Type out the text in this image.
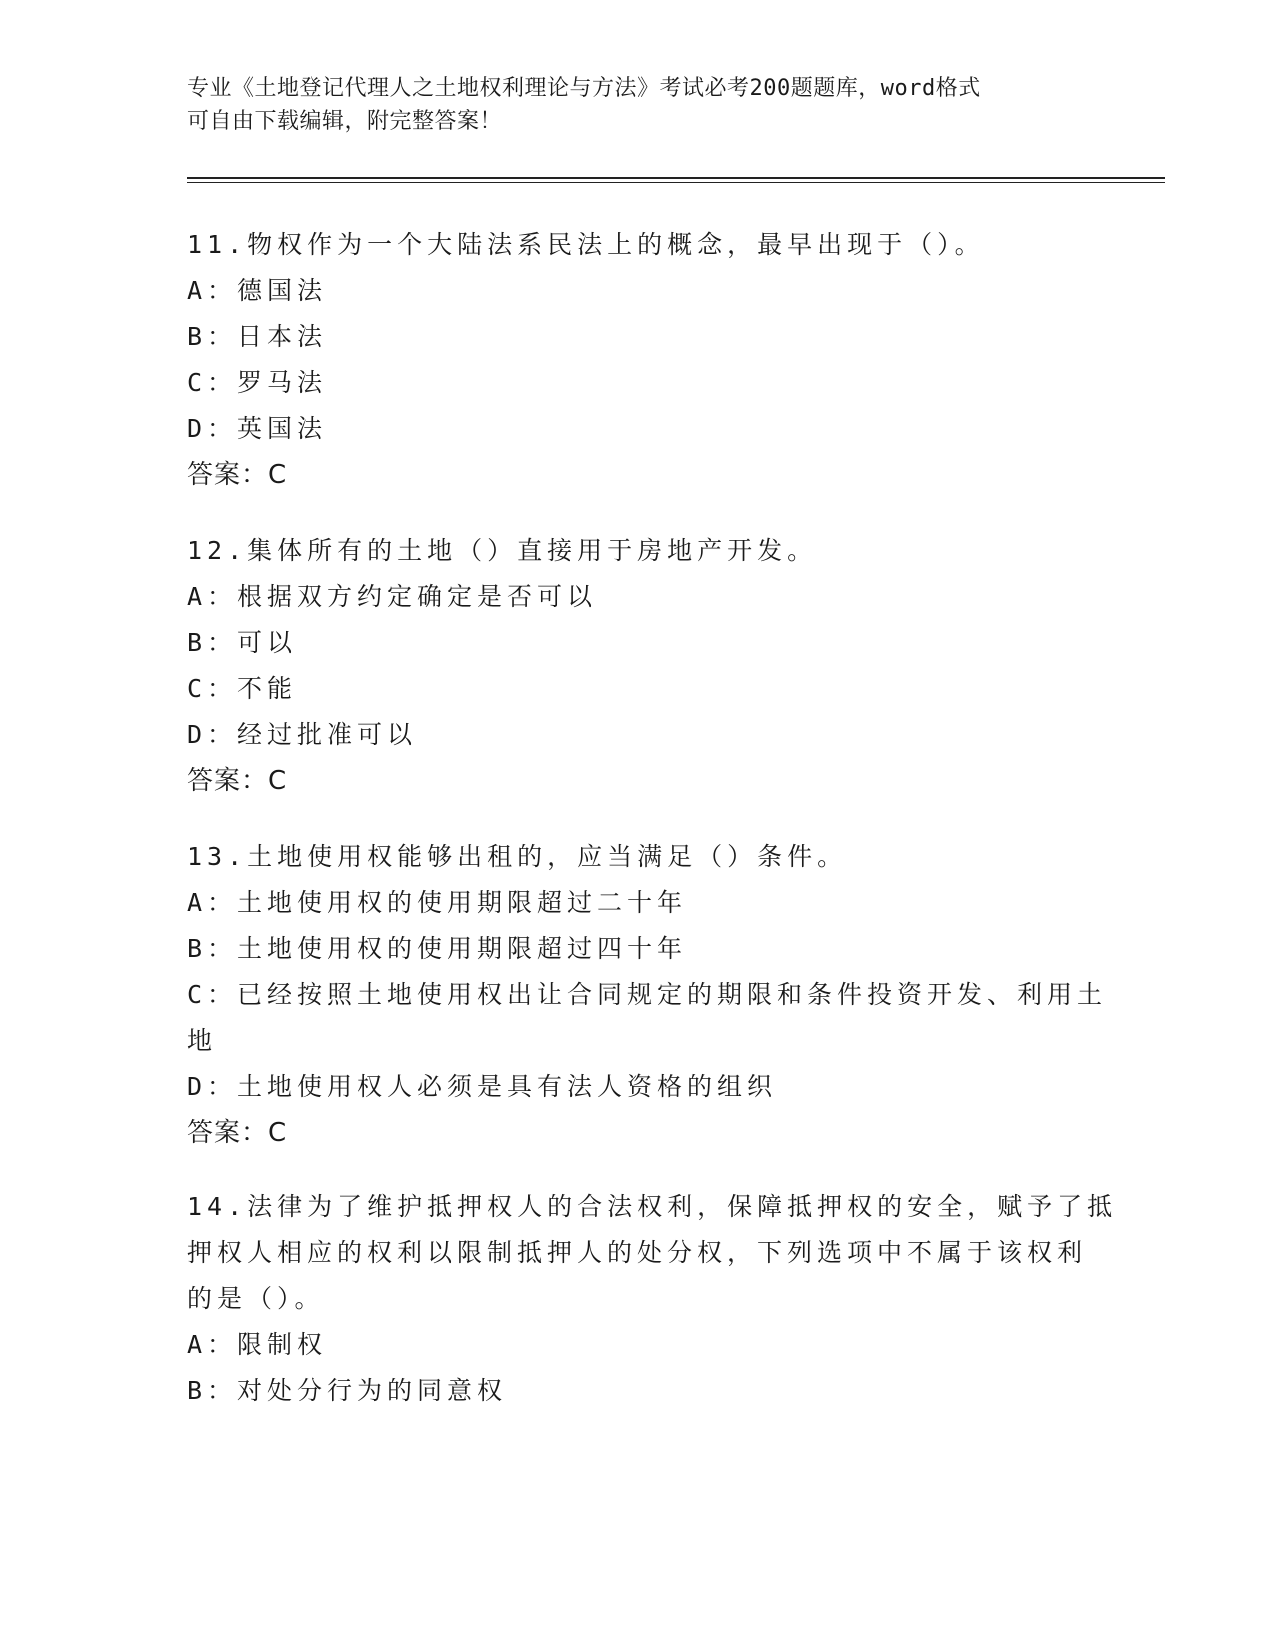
专业《土地登记代理人之土地权利理论与方法》考试必考200题题库，word格式
可自由下载编辑，附完整答案！
11.物权作为一个大陆法系民法上的概念，最早出现于（）。
A：德国法
B：日本法
C：罗马法
D：英国法
答案：C
12.集体所有的土地（）直接用于房地产开发。
A：根据双方约定确定是否可以
B：可以
C：不能
D：经过批准可以
答案：C
13.土地使用权能够出租的，应当满足（）条件。
A：土地使用权的使用期限超过二十年
B：土地使用权的使用期限超过四十年
C：已经按照土地使用权出让合同规定的期限和条件投资开发、利用土
地
D：土地使用权人必须是具有法人资格的组织
答案：C
14.法律为了维护抵押权人的合法权利，保障抵押权的安全，赋予了抵
押权人相应的权利以限制抵押人的处分权，下列选项中不属于该权利
的是（）。
A：限制权
B：对处分行为的同意权
